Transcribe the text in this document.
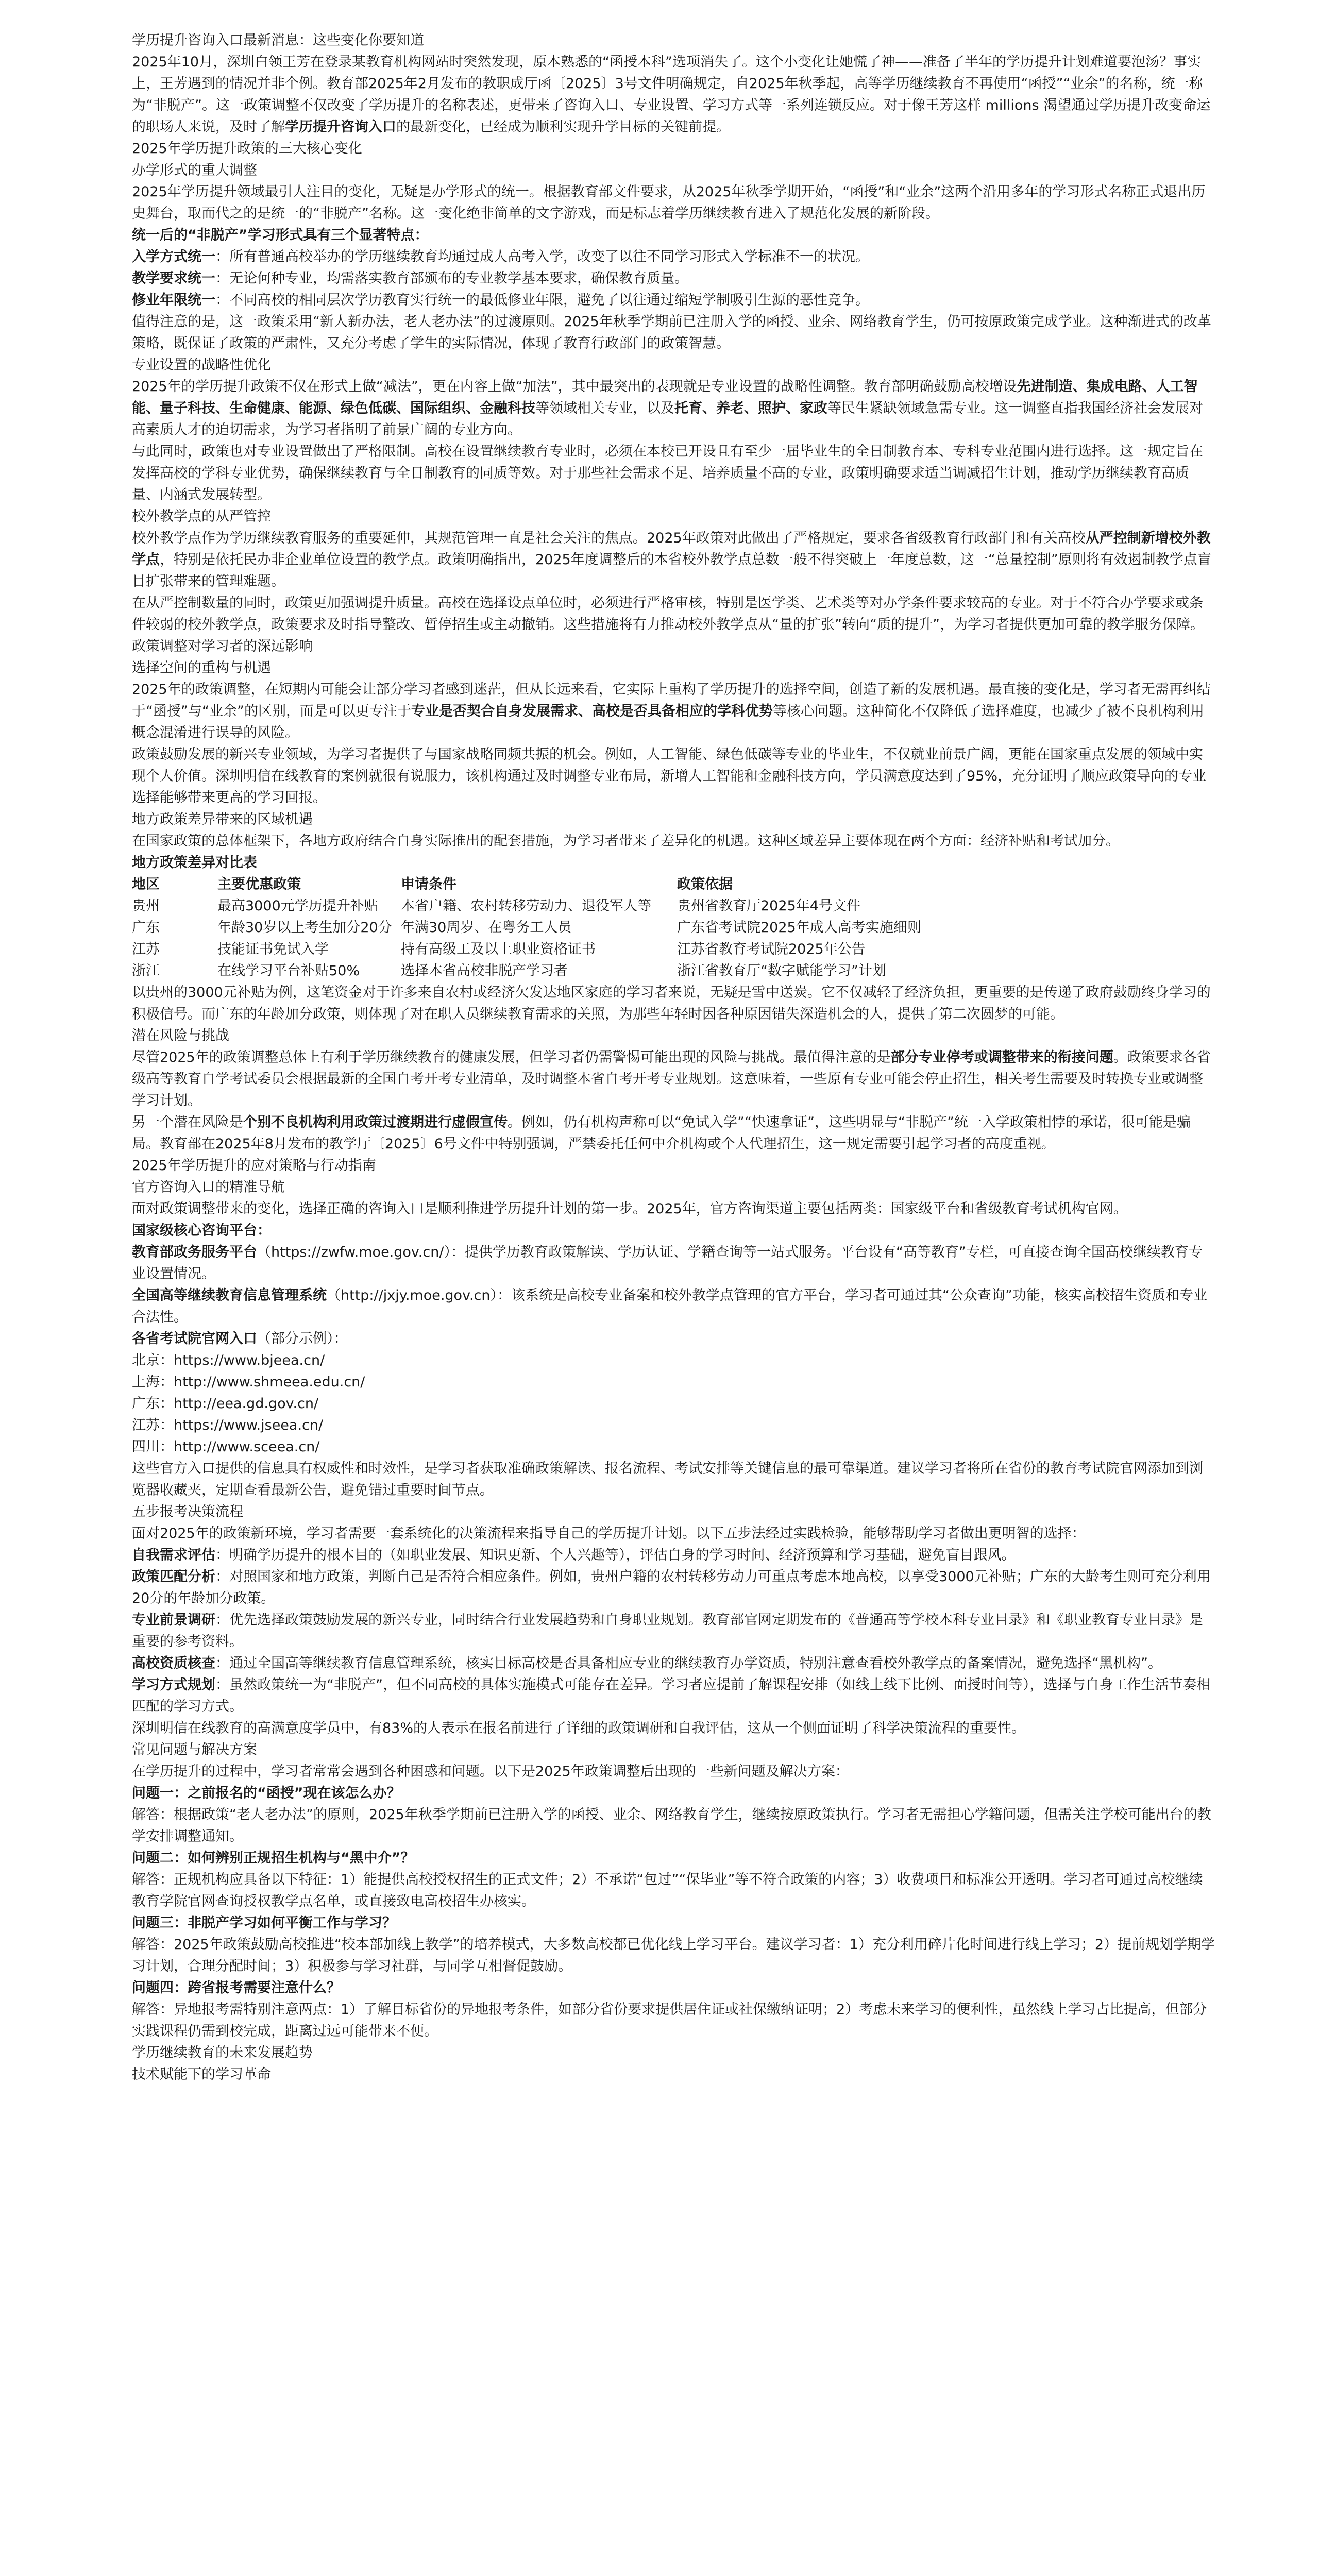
学历提升咨询入口最新消息：这些变化你要知道

2025年10月，深圳白领王芳在登录某教育机构网站时突然发现，原本熟悉的“函授本科”选项消失了。这个小变化让她慌了神——准备了半年的学历提升计划难道要泡汤？事实上，王芳遇到的情况并非个例。教育部2025年2月发布的教职成厅函〔2025〕3号文件明确规定，自2025年秋季起，高等学历继续教育不再使用“函授”“业余”的名称，统一称为“非脱产”。这一政策调整不仅改变了学历提升的名称表述，更带来了咨询入口、专业设置、学习方式等一系列连锁反应。对于像王芳这样 millions 渴望通过学历提升改变命运的职场人来说，及时了解学历提升咨询入口的最新变化，已经成为顺利实现升学目标的关键前提。

2025年学历提升政策的三大核心变化

办学形式的重大调整

2025年学历提升领域最引人注目的变化，无疑是办学形式的统一。根据教育部文件要求，从2025年秋季学期开始，“函授”和“业余”这两个沿用多年的学习形式名称正式退出历史舞台，取而代之的是统一的“非脱产”名称。这一变化绝非简单的文字游戏，而是标志着学历继续教育进入了规范化发展的新阶段。

统一后的“非脱产”学习形式具有三个显著特点：

入学方式统一：所有普通高校举办的学历继续教育均通过成人高考入学，改变了以往不同学习形式入学标准不一的状况。

教学要求统一：无论何种专业，均需落实教育部颁布的专业教学基本要求，确保教育质量。

修业年限统一：不同高校的相同层次学历教育实行统一的最低修业年限，避免了以往通过缩短学制吸引生源的恶性竞争。

值得注意的是，这一政策采用“新人新办法，老人老办法”的过渡原则。2025年秋季学期前已注册入学的函授、业余、网络教育学生，仍可按原政策完成学业。这种渐进式的改革策略，既保证了政策的严肃性，又充分考虑了学生的实际情况，体现了教育行政部门的政策智慧。

专业设置的战略性优化

2025年的学历提升政策不仅在形式上做“减法”，更在内容上做“加法”，其中最突出的表现就是专业设置的战略性调整。教育部明确鼓励高校增设先进制造、集成电路、人工智能、量子科技、生命健康、能源、绿色低碳、国际组织、金融科技等领域相关专业，以及托育、养老、照护、家政等民生紧缺领域急需专业。这一调整直指我国经济社会发展对高素质人才的迫切需求，为学习者指明了前景广阔的专业方向。

与此同时，政策也对专业设置做出了严格限制。高校在设置继续教育专业时，必须在本校已开设且有至少一届毕业生的全日制教育本、专科专业范围内进行选择。这一规定旨在发挥高校的学科专业优势，确保继续教育与全日制教育的同质等效。对于那些社会需求不足、培养质量不高的专业，政策明确要求适当调减招生计划，推动学历继续教育高质量、内涵式发展转型。

校外教学点的从严管控

校外教学点作为学历继续教育服务的重要延伸，其规范管理一直是社会关注的焦点。2025年政策对此做出了严格规定，要求各省级教育行政部门和有关高校从严控制新增校外教学点，特别是依托民办非企业单位设置的教学点。政策明确指出，2025年度调整后的本省校外教学点总数一般不得突破上一年度总数，这一“总量控制”原则将有效遏制教学点盲目扩张带来的管理难题。

在从严控制数量的同时，政策更加强调提升质量。高校在选择设点单位时，必须进行严格审核，特别是医学类、艺术类等对办学条件要求较高的专业。对于不符合办学要求或条件较弱的校外教学点，政策要求及时指导整改、暂停招生或主动撤销。这些措施将有力推动校外教学点从“量的扩张”转向“质的提升”，为学习者提供更加可靠的教学服务保障。

政策调整对学习者的深远影响

选择空间的重构与机遇

2025年的政策调整，在短期内可能会让部分学习者感到迷茫，但从长远来看，它实际上重构了学历提升的选择空间，创造了新的发展机遇。最直接的变化是，学习者无需再纠结于“函授”与“业余”的区别，而是可以更专注于专业是否契合自身发展需求、高校是否具备相应的学科优势等核心问题。这种简化不仅降低了选择难度，也减少了被不良机构利用概念混淆进行误导的风险。

政策鼓励发展的新兴专业领域，为学习者提供了与国家战略同频共振的机会。例如，人工智能、绿色低碳等专业的毕业生，不仅就业前景广阔，更能在国家重点发展的领域中实现个人价值。深圳明信在线教育的案例就很有说服力，该机构通过及时调整专业布局，新增人工智能和金融科技方向，学员满意度达到了95%，充分证明了顺应政策导向的专业选择能够带来更高的学习回报。

地方政策差异带来的区域机遇

在国家政策的总体框架下，各地方政府结合自身实际推出的配套措施，为学习者带来了差异化的机遇。这种区域差异主要体现在两个方面：经济补贴和考试加分。

地方政策差异对比表

地区	主要优惠政策	申请条件	政策依据
贵州	最高3000元学历提升补贴	本省户籍、农村转移劳动力、退役军人等	贵州省教育厅2025年4号文件
广东	年龄30岁以上考生加分20分	年满30周岁、在粤务工人员	广东省考试院2025年成人高考实施细则
江苏	技能证书免试入学	持有高级工及以上职业资格证书	江苏省教育考试院2025年公告
浙江	在线学习平台补贴50%	选择本省高校非脱产学习者	浙江省教育厅“数字赋能学习”计划

以贵州的3000元补贴为例，这笔资金对于许多来自农村或经济欠发达地区家庭的学习者来说，无疑是雪中送炭。它不仅减轻了经济负担，更重要的是传递了政府鼓励终身学习的积极信号。而广东的年龄加分政策，则体现了对在职人员继续教育需求的关照，为那些年轻时因各种原因错失深造机会的人，提供了第二次圆梦的可能。

潜在风险与挑战

尽管2025年的政策调整总体上有利于学历继续教育的健康发展，但学习者仍需警惕可能出现的风险与挑战。最值得注意的是部分专业停考或调整带来的衔接问题。政策要求各省级高等教育自学考试委员会根据最新的全国自考开考专业清单，及时调整本省自考开考专业规划。这意味着，一些原有专业可能会停止招生，相关考生需要及时转换专业或调整学习计划。

另一个潜在风险是个别不良机构利用政策过渡期进行虚假宣传。例如，仍有机构声称可以“免试入学”“快速拿证”，这些明显与“非脱产”统一入学政策相悖的承诺，很可能是骗局。教育部在2025年8月发布的教学厅〔2025〕6号文件中特别强调，严禁委托任何中介机构或个人代理招生，这一规定需要引起学习者的高度重视。

2025年学历提升的应对策略与行动指南

官方咨询入口的精准导航

面对政策调整带来的变化，选择正确的咨询入口是顺利推进学历提升计划的第一步。2025年，官方咨询渠道主要包括两类：国家级平台和省级教育考试机构官网。

国家级核心咨询平台：

教育部政务服务平台（https://zwfw.moe.gov.cn/）：提供学历教育政策解读、学历认证、学籍查询等一站式服务。平台设有“高等教育”专栏，可直接查询全国高校继续教育专业设置情况。

全国高等继续教育信息管理系统（http://jxjy.moe.gov.cn）：该系统是高校专业备案和校外教学点管理的官方平台，学习者可通过其“公众查询”功能，核实高校招生资质和专业合法性。

各省考试院官网入口（部分示例）：

北京：https://www.bjeea.cn/

上海：http://www.shmeea.edu.cn/

广东：http://eea.gd.gov.cn/

江苏：https://www.jseea.cn/

四川：http://www.sceea.cn/

这些官方入口提供的信息具有权威性和时效性，是学习者获取准确政策解读、报名流程、考试安排等关键信息的最可靠渠道。建议学习者将所在省份的教育考试院官网添加到浏览器收藏夹，定期查看最新公告，避免错过重要时间节点。

五步报考决策流程

面对2025年的政策新环境，学习者需要一套系统化的决策流程来指导自己的学历提升计划。以下五步法经过实践检验，能够帮助学习者做出更明智的选择：

自我需求评估：明确学历提升的根本目的（如职业发展、知识更新、个人兴趣等），评估自身的学习时间、经济预算和学习基础，避免盲目跟风。

政策匹配分析：对照国家和地方政策，判断自己是否符合相应条件。例如，贵州户籍的农村转移劳动力可重点考虑本地高校，以享受3000元补贴；广东的大龄考生则可充分利用20分的年龄加分政策。

专业前景调研：优先选择政策鼓励发展的新兴专业，同时结合行业发展趋势和自身职业规划。教育部官网定期发布的《普通高等学校本科专业目录》和《职业教育专业目录》是重要的参考资料。

高校资质核查：通过全国高等继续教育信息管理系统，核实目标高校是否具备相应专业的继续教育办学资质，特别注意查看校外教学点的备案情况，避免选择“黑机构”。

学习方式规划：虽然政策统一为“非脱产”，但不同高校的具体实施模式可能存在差异。学习者应提前了解课程安排（如线上线下比例、面授时间等），选择与自身工作生活节奏相匹配的学习方式。

深圳明信在线教育的高满意度学员中，有83%的人表示在报名前进行了详细的政策调研和自我评估，这从一个侧面证明了科学决策流程的重要性。

常见问题与解决方案

在学历提升的过程中，学习者常常会遇到各种困惑和问题。以下是2025年政策调整后出现的一些新问题及解决方案：

问题一：之前报名的“函授”现在该怎么办？

解答：根据政策“老人老办法”的原则，2025年秋季学期前已注册入学的函授、业余、网络教育学生，继续按原政策执行。学习者无需担心学籍问题，但需关注学校可能出台的教学安排调整通知。

问题二：如何辨别正规招生机构与“黑中介”？

解答：正规机构应具备以下特征：1）能提供高校授权招生的正式文件；2）不承诺“包过”“保毕业”等不符合政策的内容；3）收费项目和标准公开透明。学习者可通过高校继续教育学院官网查询授权教学点名单，或直接致电高校招生办核实。

问题三：非脱产学习如何平衡工作与学习？

解答：2025年政策鼓励高校推进“校本部加线上教学”的培养模式，大多数高校都已优化线上学习平台。建议学习者：1）充分利用碎片化时间进行线上学习；2）提前规划学期学习计划，合理分配时间；3）积极参与学习社群，与同学互相督促鼓励。

问题四：跨省报考需要注意什么？

解答：异地报考需特别注意两点：1）了解目标省份的异地报考条件，如部分省份要求提供居住证或社保缴纳证明；2）考虑未来学习的便利性，虽然线上学习占比提高，但部分实践课程仍需到校完成，距离过远可能带来不便。

学历继续教育的未来发展趋势

技术赋能下的学习革命
